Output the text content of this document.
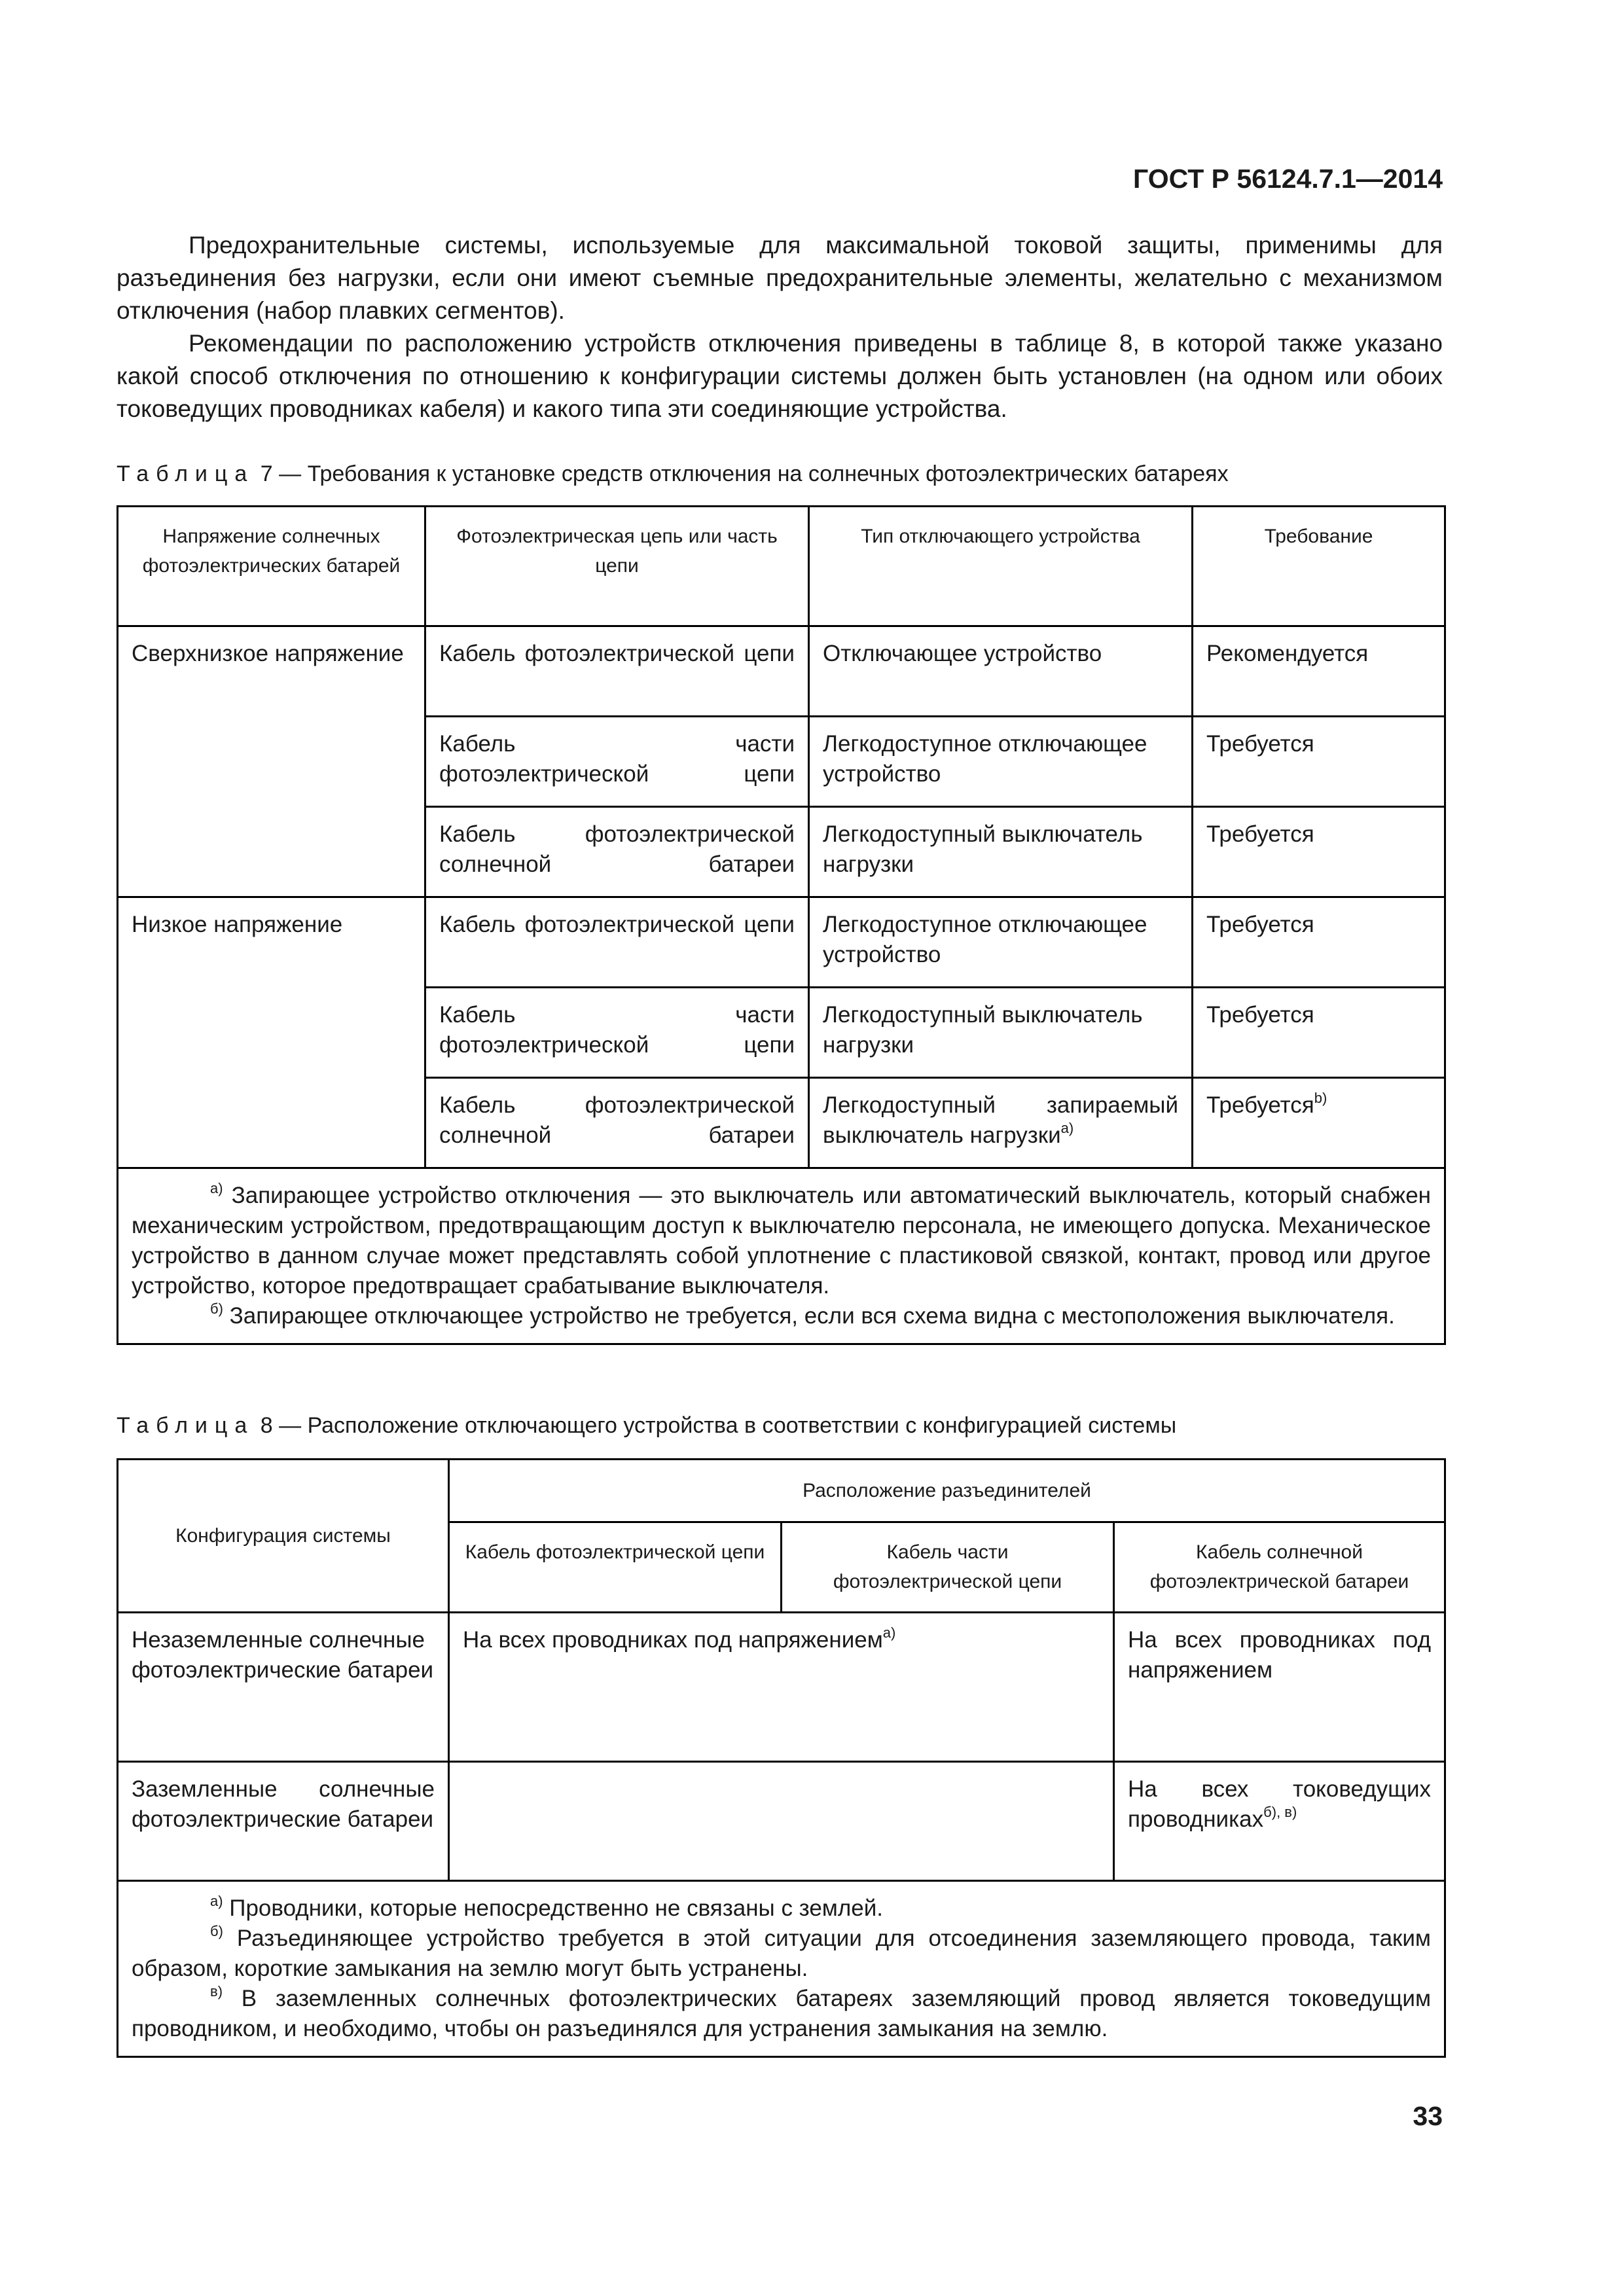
ГОСТ Р 56124.7.1—2014

Предохранительные системы, используемые для максимальной токовой защиты, применимы для разъединения без нагрузки, если они имеют съемные предохранительные элементы, желательно с механизмом отключения (набор плавких сегментов).

Рекомендации по расположению устройств отключения приведены в таблице 8, в которой также указано какой способ отключения по отношению к конфигурации системы должен быть установлен (на одном или обоих токоведущих проводниках кабеля) и какого типа эти соединяющие устройства.

Таблица 7 — Требования к установке средств отключения на солнечных фотоэлектрических батареях
Напряжение солнечных фотоэлектрических батарей	Фотоэлектрическая цепь или часть цепи	Тип отключающего устройства	Требование
Сверхнизкое напряжение	Кабель фотоэлектрической цепи	Отключающее устройство	Рекомендуется

	Кабель части фотоэлектрической цепи	Легкодоступное отключающее устройство	Требуется

	Кабель фотоэлектрической солнечной батареи	Легкодоступный выключатель нагрузки	Требуется
Низкое напряжение	Кабель фотоэлектрической цепи	Легкодоступное отключающее устройство	Требуется

	Кабель части фотоэлектрической цепи	Легкодоступный выключатель нагрузки	Требуется

	Кабель фотоэлектрической солнечной батареи	Легкодоступный запираемый выключатель нагрузки$^{а)}$	Требуется$^{b)}$

$^{а)}$ Запирающее устройство отключения — это выключатель или автоматический выключатель, который снабжен механическим устройством, предотвращающим доступ к выключателю персонала, не имеющего допуска. Механическое устройство в данном случае может представлять собой уплотнение с пластиковой связкой, контакт, провод или другое устройство, которое предотвращает срабатывание выключателя.

$^{б)}$ Запирающее отключающее устройство не требуется, если вся схема видна с местоположения выключателя.			

Таблица 8 — Расположение отключающего устройства в соответствии с конфигурацией системы
Конфигурация системы	Расположение разъединителей		
	Кабель фотоэлектрической цепи	Кабель части фотоэлектрической цепи	Кабель солнечной фотоэлектрической батареи
Незаземленные солнечные фотоэлектрические батареи	На всех проводниках под напряжением$^{а)}$		На всех проводниках под напряжением

Заземленные солнечные фотоэлектрические батареи			На всех токоведущих проводниках$^{б), в)}$

$^{а)}$ Проводники, которые непосредственно не связаны с землей.

$^{б)}$ Разъединяющее устройство требуется в этой ситуации для отсоединения заземляющего провода, таким образом, короткие замыкания на землю могут быть устранены.

$^{в)}$ В заземленных солнечных фотоэлектрических батареях заземляющий провод является токоведущим проводником, и необходимо, чтобы он разъединялся для устранения замыкания на землю.			

33
